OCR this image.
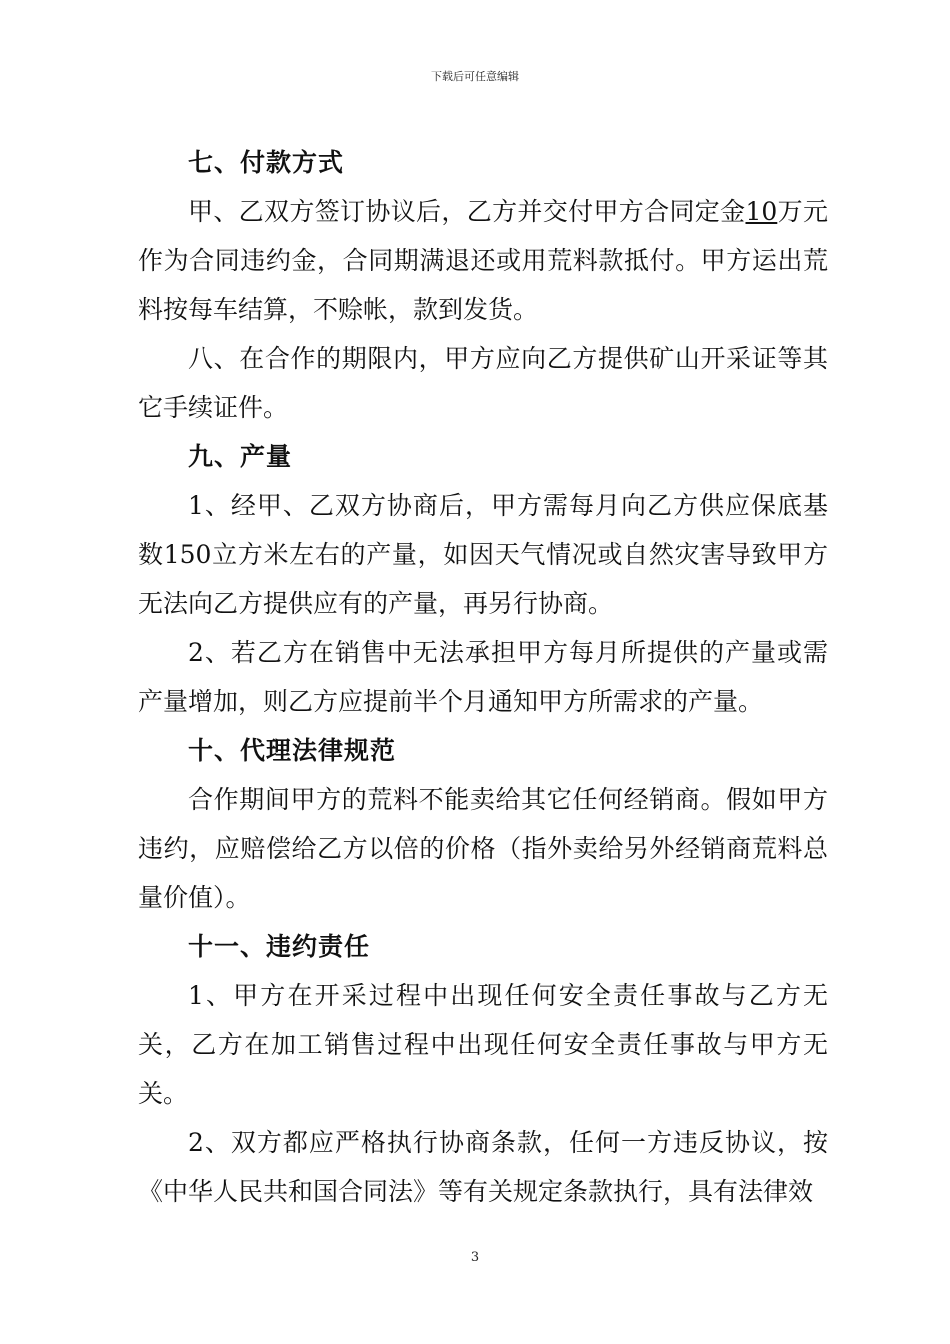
下载后可任意编辑

七、付款方式

甲、乙双方签订协议后，乙方并交付甲方合同定金10万元作为合同违约金，合同期满退还或用荒料款抵付。甲方运出荒料按每车结算，不赊帐，款到发货。

八、在合作的期限内，甲方应向乙方提供矿山开采证等其它手续证件。

九、产量

1、经甲、乙双方协商后，甲方需每月向乙方供应保底基数150立方米左右的产量，如因天气情况或自然灾害导致甲方无法向乙方提供应有的产量，再另行协商。

2、若乙方在销售中无法承担甲方每月所提供的产量或需产量增加，则乙方应提前半个月通知甲方所需求的产量。

十、代理法律规范

合作期间甲方的荒料不能卖给其它任何经销商。假如甲方违约，应赔偿给乙方以倍的价格（指外卖给另外经销商荒料总量价值）。

十一、违约责任

1、甲方在开采过程中出现任何安全责任事故与乙方无关，乙方在加工销售过程中出现任何安全责任事故与甲方无关。

2、双方都应严格执行协商条款，任何一方违反协议，按《中华人民共和国合同法》等有关规定条款执行，具有法律效

3
